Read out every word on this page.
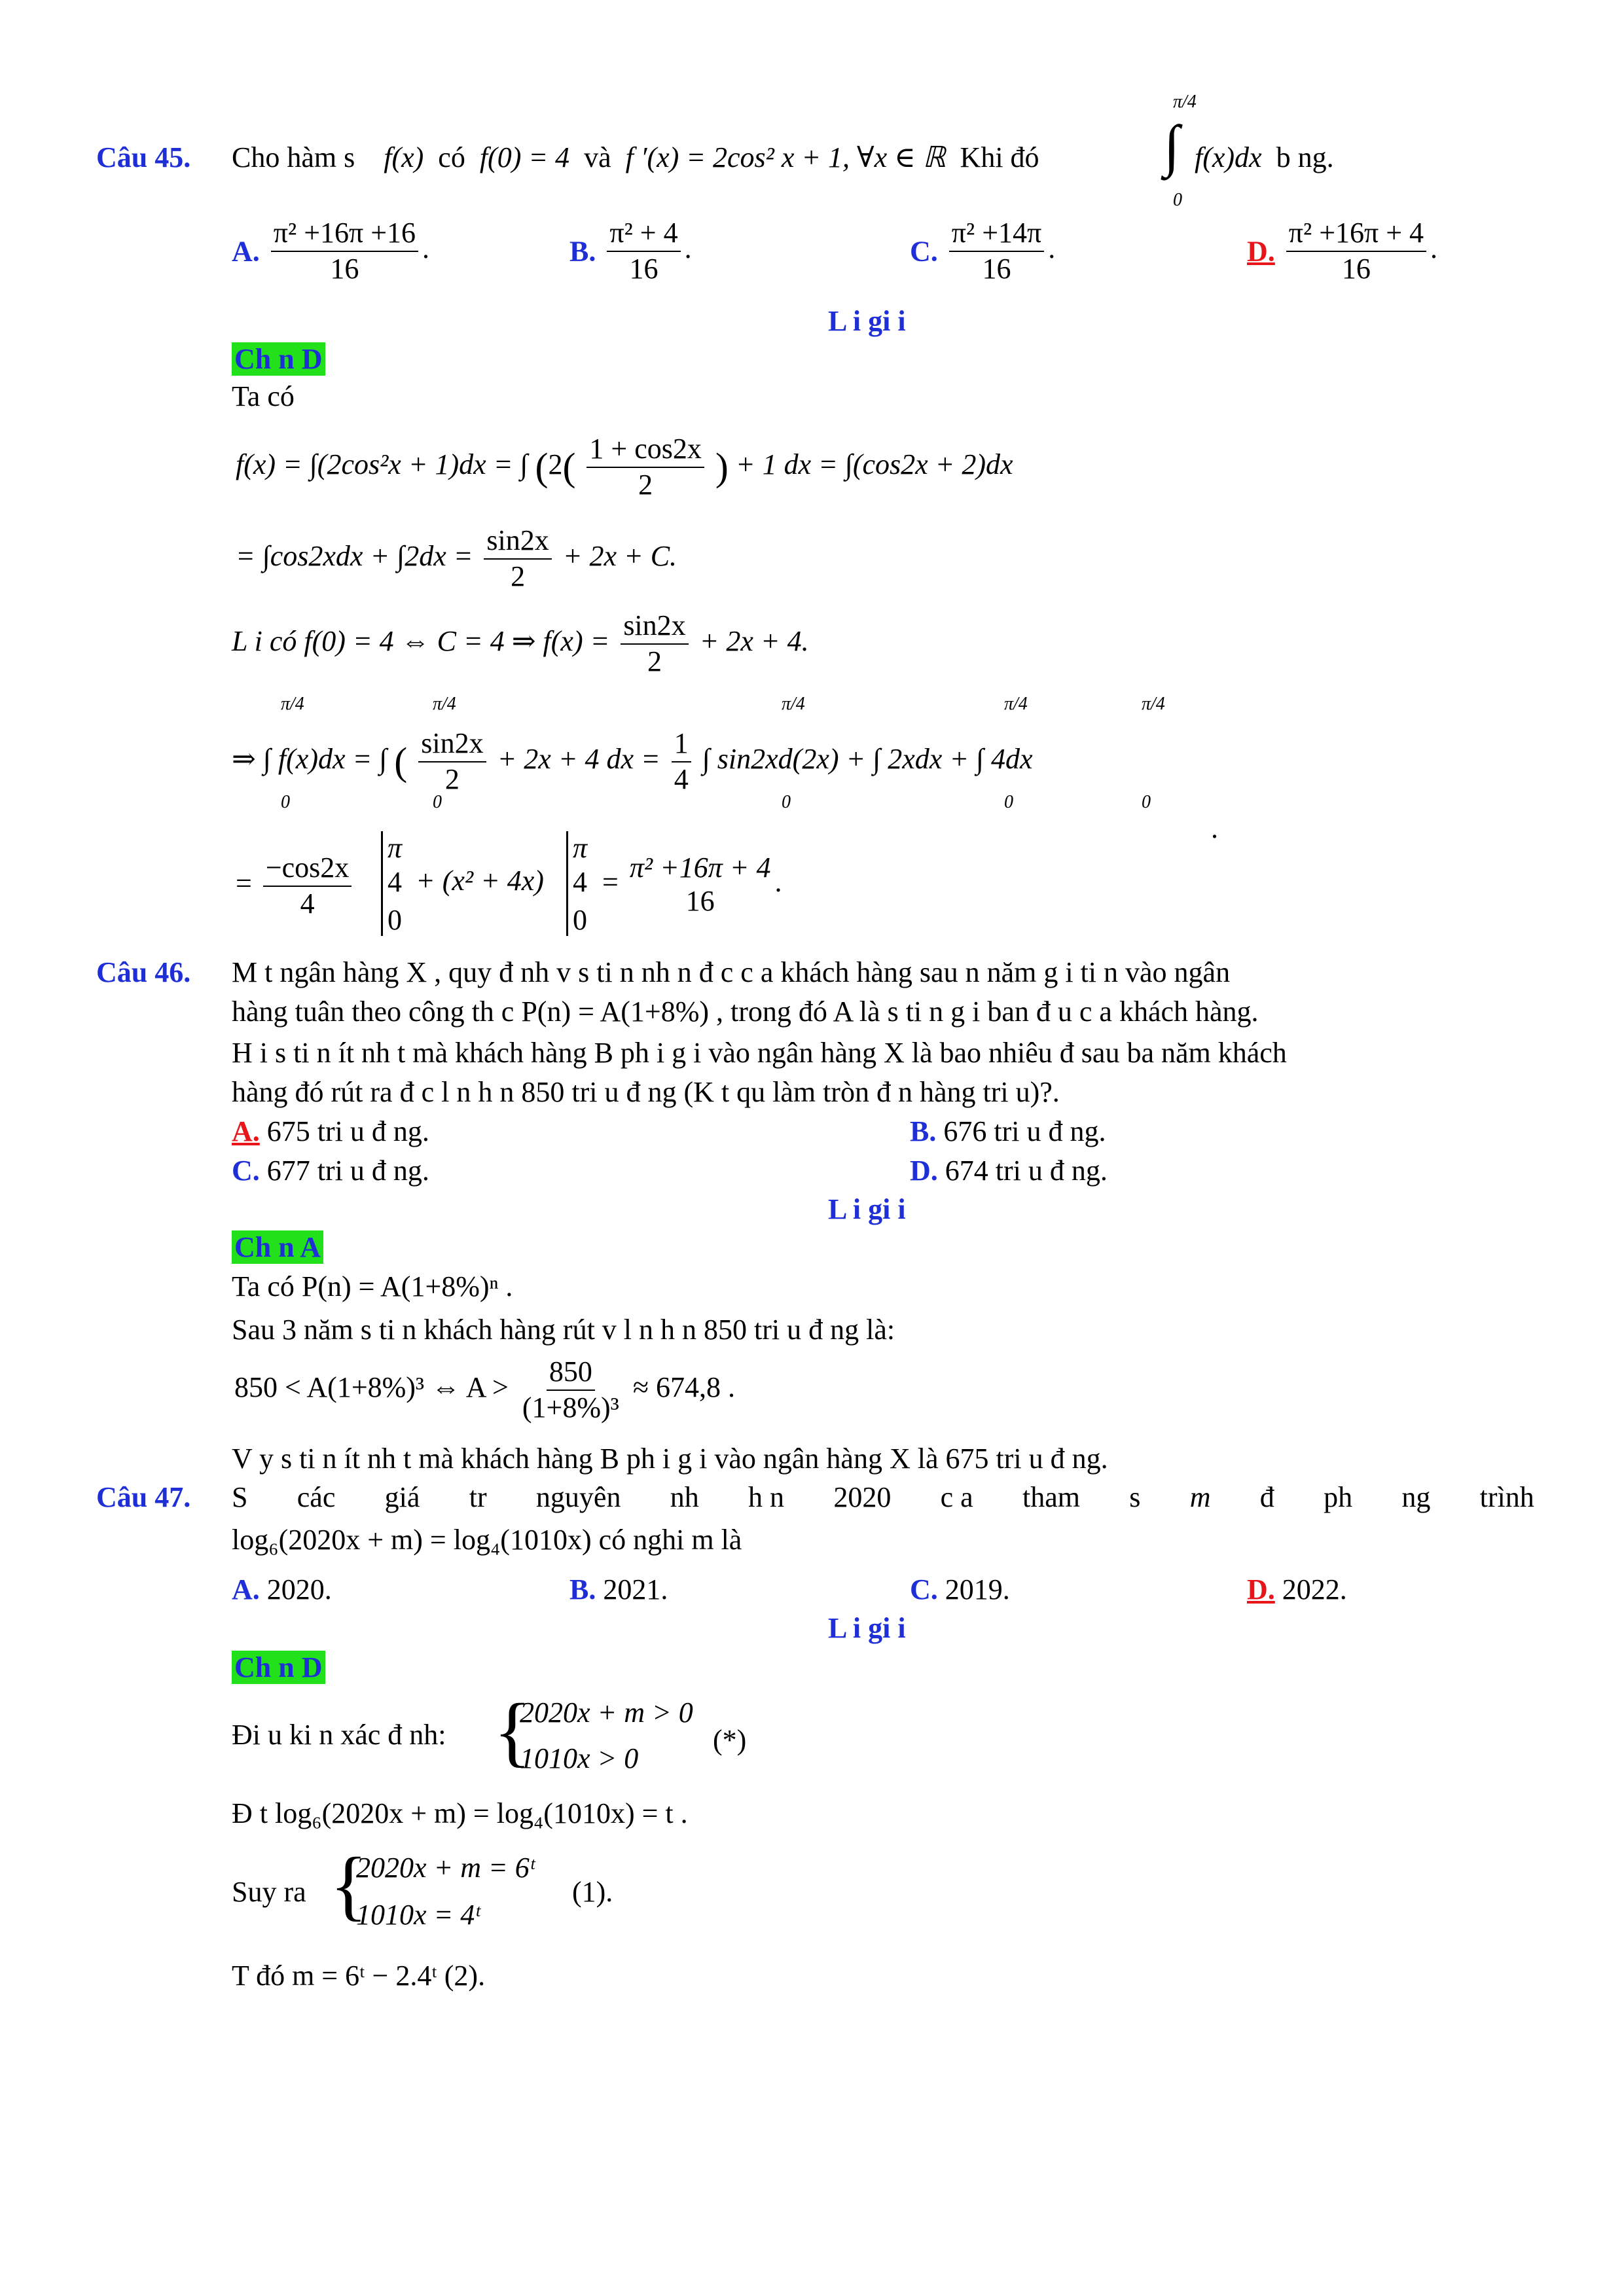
Câu 45. Cho hàm s f(x) có f(0) = 4 và f ′(x) = 2cos² x + 1, ∀x ∈ ℝ Khi đó
π/4
∫
0
f(x)dx b ng.
A. $\frac{\text{π² +16π +16}}{16}$ .	B. $\frac{\text{π² + 4}}{16}$ .	C. $\frac{\text{π² +14π}}{16}$ .	D. $\frac{\text{π² +16π + 4}}{16}$ .
L i gi i
Ch n D
Ta có
f(x) = ∫(2cos²x + 1)dx = ∫ ($2( \frac{1 + \cos 2x}{2}$ ) + 1 dx = ∫(cos2x + 2)dx
= $\int\cos 2xdx + \int 2dx = \frac{\sin 2x}{2} + 2x + C$.
L i có f(0) = 4 ⇔ C = 4 ⇒ $f(x) = \frac{\sin 2x}{2} + 2x + 4$.
π/4
0
π/4
0
π/4
0
π/4
0
π/4
0
⇒ ∫ f(x)dx = ∫ ( $\frac{\sin 2x}{2} + 2x + 4$ dx = $\frac{1}{4}$ ∫ sin2xd(2x) + ∫ 2xdx + ∫ 4dx
.
= $\frac{-\cos 2x}{4}$
π
4
0
+ (x² + 4x)
π
4
0
= π² +16π + 4
16
.
Câu 46. M t ngân hàng X , quy đ nh v s ti n nh n đ c c a khách hàng sau n năm g i ti n vào ngân
hàng tuân theo công th c P(n) = A(1+8%) , trong đó A là s ti n g i ban đ u c a khách hàng.
H i s ti n ít nh t mà khách hàng B ph i g i vào ngân hàng X là bao nhiêu đ sau ba năm khách
hàng đó rút ra đ c l n h n 850 tri u đ ng (K t qu làm tròn đ n hàng tri u)?.
A. 675 tri u đ ng.	B. 676 tri u đ ng.
C. 677 tri u đ ng.	D. 674 tri u đ ng.
L i gi i
Ch n A
Ta có P(n) = A(1+8%)ⁿ .
Sau 3 năm s ti n khách hàng rút v l n h n 850 tri u đ ng là:
850 < A(1+8%)³ ⇔ $A > \frac{850}{\text{(1+8\%)³}} \approx 674,8$ .
V y s ti n ít nh t mà khách hàng B ph i g i vào ngân hàng X là 675 tri u đ ng.
Câu 47. S các giá tr nguyên nh h n 2020 c a tham s m đ ph ng trình
log₆(2020x + m) = log₄(1010x) có nghi m là
A. 2020.	B. 2021.	C. 2019.	D. 2022.
L i gi i
Ch n D
Đi u ki n xác đ nh: {
2020x + m > 0
1010x > 0
(*)
Đ t log₆(2020x + m) = log₄(1010x) = t .
Suy ra {
2020x + m = 6ᵗ
1010x = 4ᵗ
(1).
T đó m = 6ᵗ − 2.4ᵗ (2).
